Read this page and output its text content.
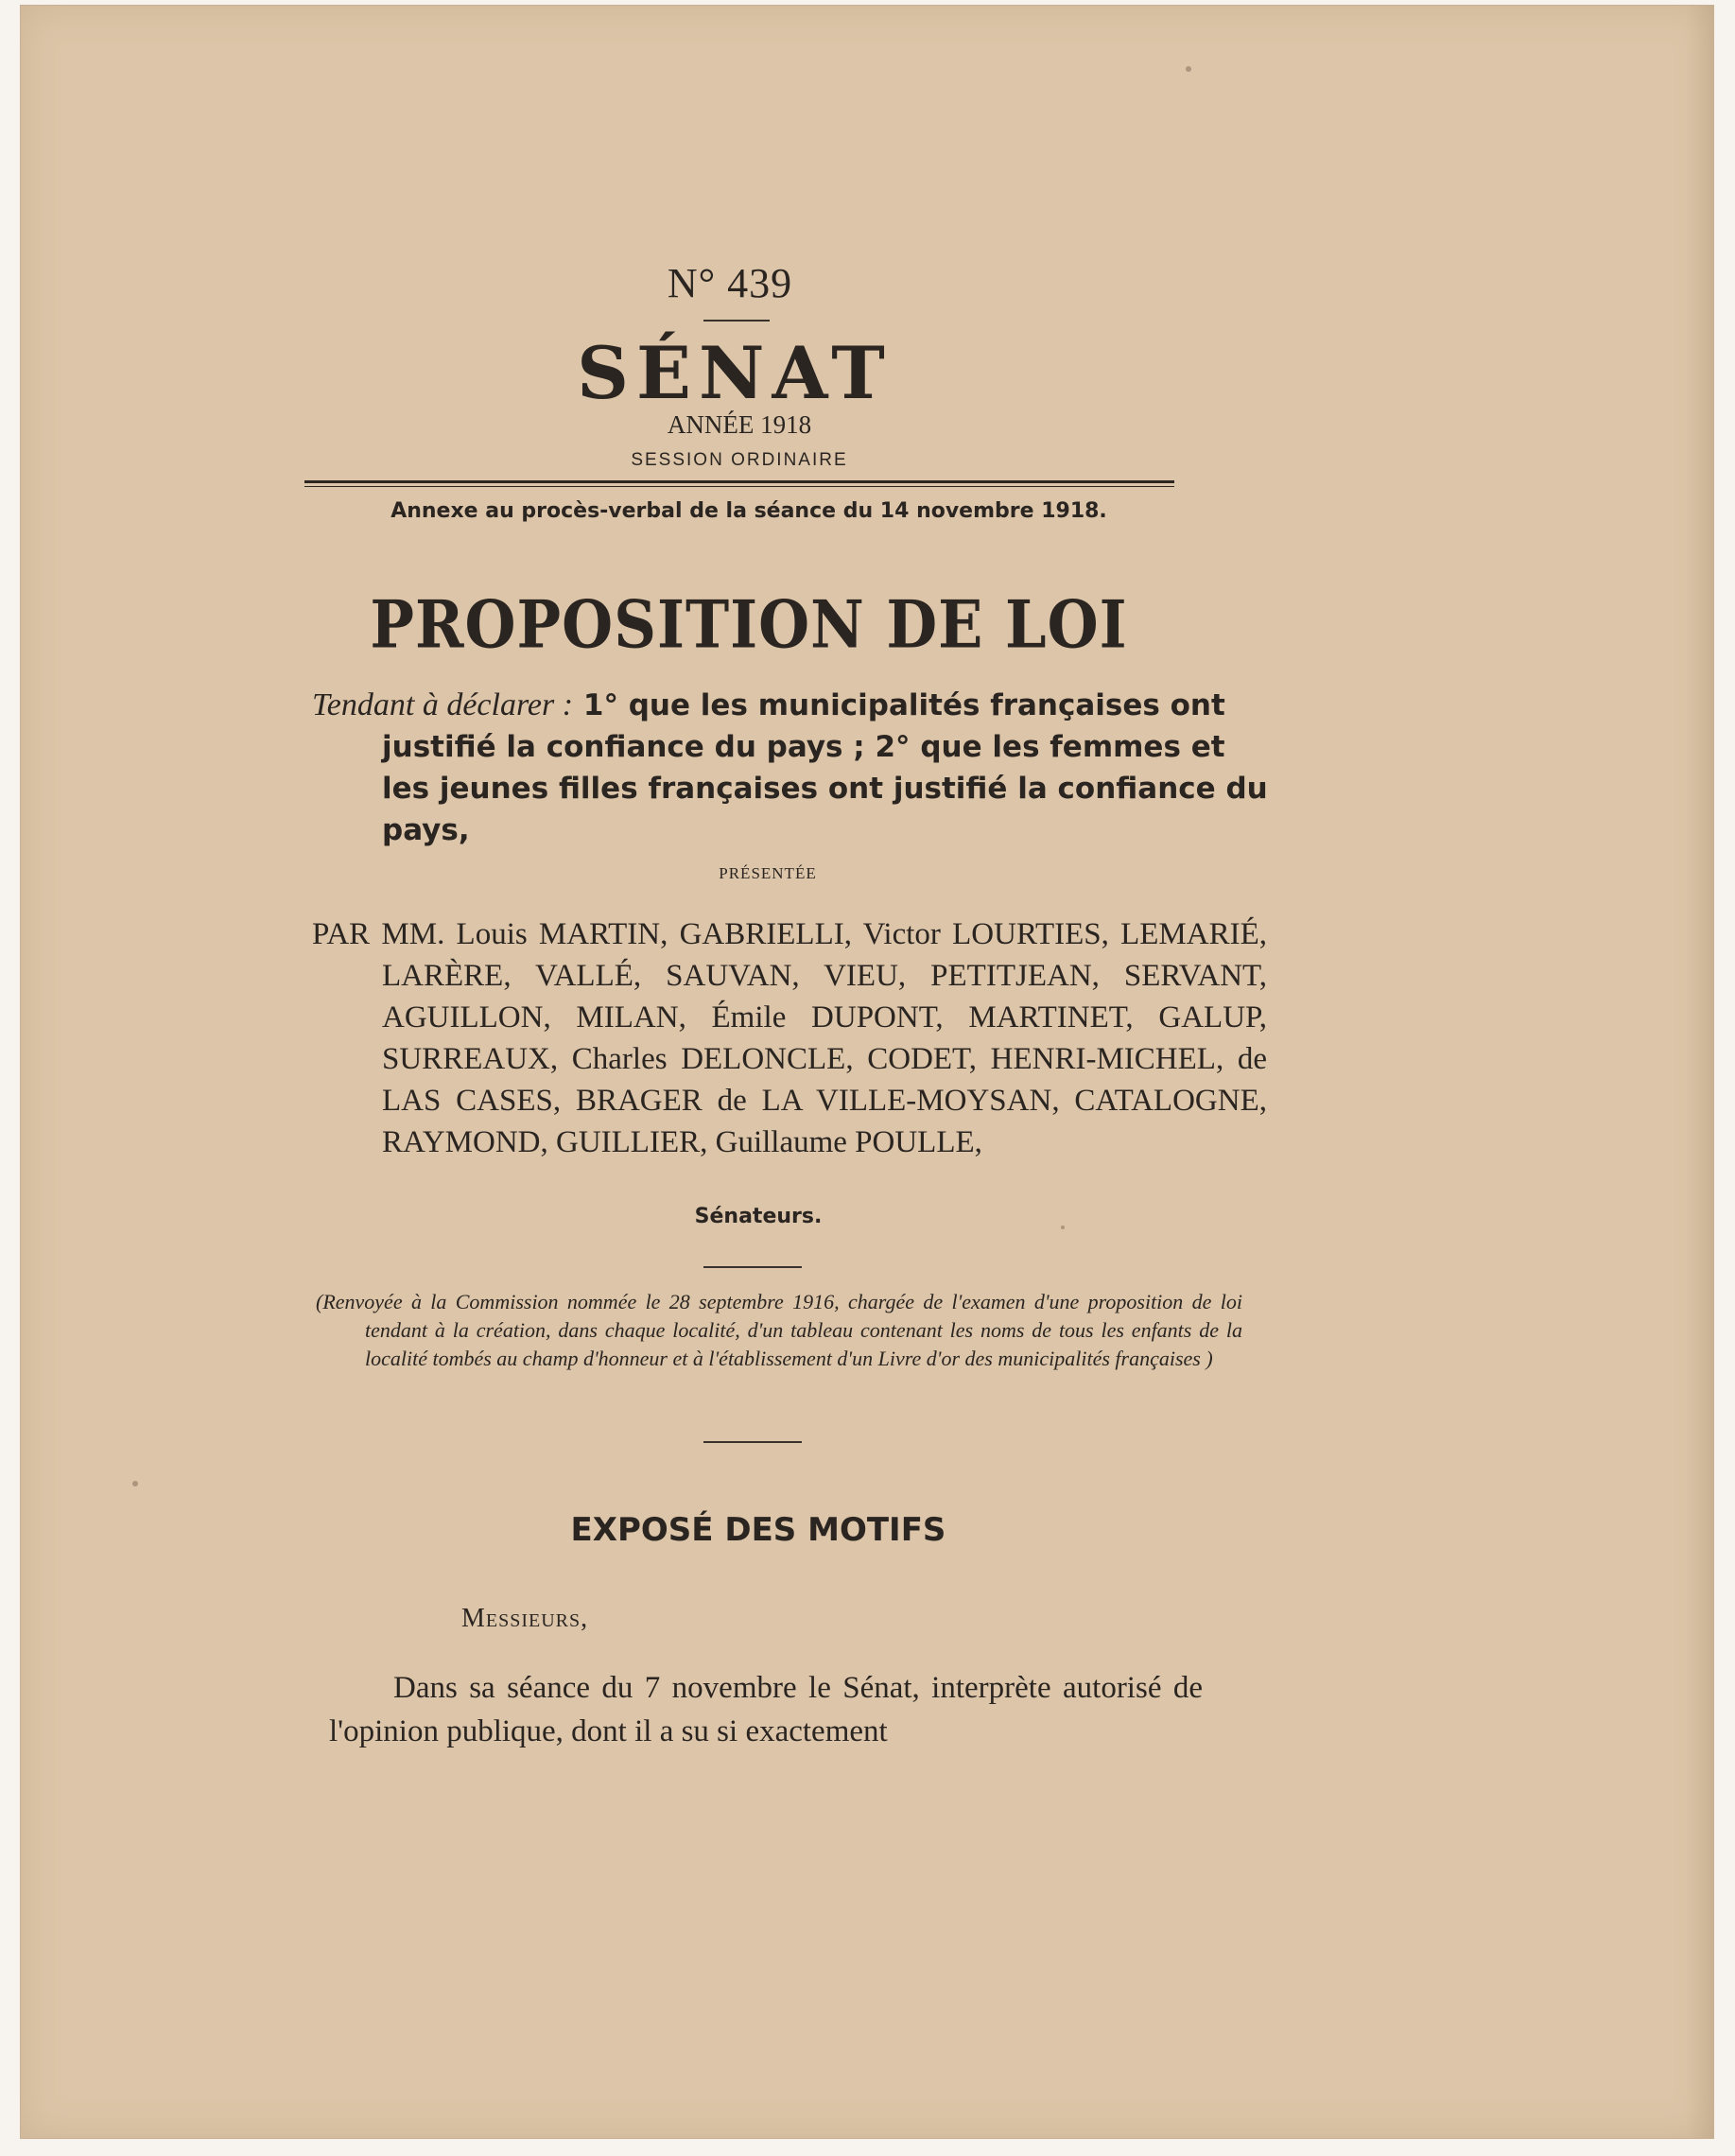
N° 439
SÉNAT
ANNÉE 1918
SESSION ORDINAIRE
Annexe au procès-verbal de la séance du 14 novembre 1918.
PROPOSITION DE LOI
Tendant à déclarer : 1° que les municipalités françaises ont justifié la confiance du pays ; 2° que les femmes et les jeunes filles françaises ont justifié la confiance du pays,
PRÉSENTÉE
PAR MM. Louis MARTIN, GABRIELLI, Victor LOURTIES, LEMARIÉ, LARÈRE, VALLÉ, SAUVAN, VIEU, PETITJEAN, SERVANT, AGUILLON, MILAN, Émile DUPONT, MARTINET, GALUP, SURREAUX, Charles DELONCLE, CODET, HENRI-MICHEL, de LAS CASES, BRAGER de LA VILLE-MOYSAN, CATALOGNE, RAYMOND, GUILLIER, Guillaume POULLE,
Sénateurs.
(Renvoyée à la Commission nommée le 28 septembre 1916, chargée de l'examen d'une proposition de loi tendant à la création, dans chaque localité, d'un tableau contenant les noms de tous les enfants de la localité tombés au champ d'honneur et à l'établissement d'un Livre d'or des municipalités françaises )
EXPOSÉ DES MOTIFS
Messieurs,
Dans sa séance du 7 novembre le Sénat, interprète autorisé de l'opinion publique, dont il a su si exactement
